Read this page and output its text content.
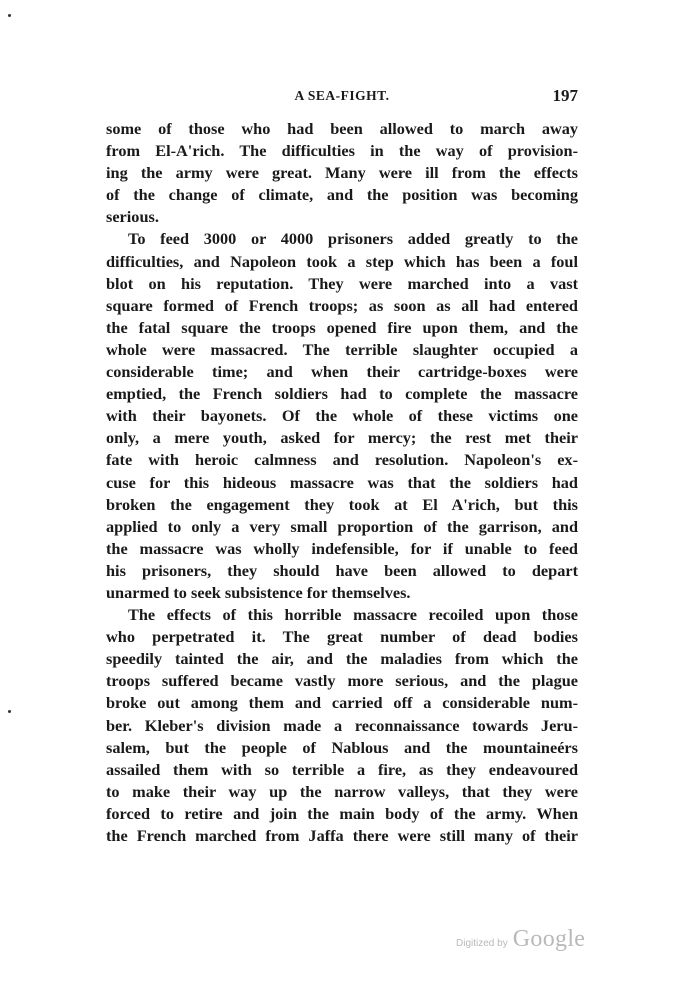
A SEA-FIGHT.	197
some of those who had been allowed to march away
from El-A'rich. The difficulties in the way of provision-
ing the army were great. Many were ill from the effects
of the change of climate, and the position was becoming
serious.
To feed 3000 or 4000 prisoners added greatly to the
difficulties, and Napoleon took a step which has been a foul
blot on his reputation. They were marched into a vast
square formed of French troops; as soon as all had entered
the fatal square the troops opened fire upon them, and the
whole were massacred. The terrible slaughter occupied a
considerable time; and when their cartridge-boxes were
emptied, the French soldiers had to complete the massacre
with their bayonets. Of the whole of these victims one
only, a mere youth, asked for mercy; the rest met their
fate with heroic calmness and resolution. Napoleon's ex-
cuse for this hideous massacre was that the soldiers had
broken the engagement they took at El A'rich, but this
applied to only a very small proportion of the garrison, and
the massacre was wholly indefensible, for if unable to feed
his prisoners, they should have been allowed to depart
unarmed to seek subsistence for themselves.
The effects of this horrible massacre recoiled upon those
who perpetrated it. The great number of dead bodies
speedily tainted the air, and the maladies from which the
troops suffered became vastly more serious, and the plague
broke out among them and carried off a considerable num-
ber. Kleber's division made a reconnaissance towards Jeru-
salem, but the people of Nablous and the mountaineérs
assailed them with so terrible a fire, as they endeavoured
to make their way up the narrow valleys, that they were
forced to retire and join the main body of the army. When
the French marched from Jaffa there were still many of their
Digitized by Google
